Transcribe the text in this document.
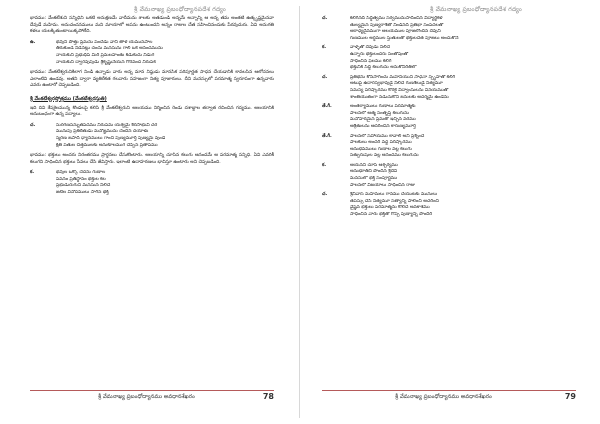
శ్రీ వేమనాఖ్య ప్రబంధోద్యానపదేశ గద్యం

భావము: వేంకటేశుని సన్నిధిని ఒకటి అనుక్షణమే వాదీమను శాలకు అతడుండి అన్నమే అన్నాన్ని ఆ అన్న తమ అంతటి ఉత్కృష్టమైనవా దేవుడే మహిమ. అనుచందనములు మని మాయాలో అపను ఉంటుందని అన్నం రాజుల చేత సహించినందుకు పేరవుదురు. ఏవి అనుగతి కళలు యలక్కితుంటాయిక్కపోలేది.

ఉ.	భవుని పొత్తు ప్రేమను పంచెడు వాని తాళ యమునపాల
తీరుకుండ నిడెనట్లు చందు మనసును గాలి ఒకే ఆనందమును
నాయకుని ప్రభుధిపి మీరి ప్రమలహంతు కీడుకుదు నిడుగ
నాయకుని ద్వారవుపుడు శ్రీకృష్ణునేయన గొరవంద నిరుపక

భావము: వేంకటేశ్వరునికిలాగ నిండి ఉన్నాడు వారు అన్న మాన నిష్ఠుడు మానసిక పరిపూర్ణత సాధన చేయడానికి కావలసిన ఆలోచనలు ఎలాంటివి ఉండవు. అతని ద్వారా వ్యతిరేకత గలవారు సహజంగా నిత్య పూజారులు. దీని మనస్సులో పరమాత్మ స్వరూపంగా ఉన్నవారు ఎవరు ఉంటారో చెప్పబడింది.

శ్రీ వేంకటేశ్వరస్తోత్రము (వేంకటేశ్వరస్తుతి)

ఇది దివి శేషశైలమున్న కొండలపై కలిసి శ్రీ వేంకటేశ్వరుని ఆలయము నిర్మించిన రెండు దశాబ్దాల తర్వాత రచించిన గద్యము. ఆలయానికి అనుబంధంగా ఉన్న పద్యాలు.

చ.	సురగణసన్నుతపదము నిరుపమ యశ్వమై శిరసాభువి చర
మునుపు ప్రకటితుడు మనోజ్ఞమును చెందిన దయాళు
స్మరణ జపాది ధ్యానములు గాంచి పుణ్యమూర్తి పుణ్యమై వుండె
క్షితి పతుల చిత్తములకు అనుకూలముగ చెప్పిన ప్రతాపము

భావము: భక్తులు అందరు నిరంతరము ప్రార్థనలు చేసుకొంటారు. ఆలయాన్ని చూసిన కలుగు ఆనందమే ఆ పరమాత్మ సన్నిధి. ఏవి ఎవరికీ కలుగని సాధించిన భక్తులు సేవలు చేసి జీవిస్తారు. ఇలాంటి ఉదాహరణలు భావిస్తూ ఉంటారు అని చెప్పబడింది.

క.	భవుల ఒక్కో చేదను గుణాల
పవనం ప్రతిస్థానం భక్తుల కల
ప్రభుడురుగుని మనసున నిలిచే
జటిల వినోదములు సాగిన భక్తి
శ్రీ వేమనాఖ్య ప్రబంధోద్యానము అవధానశేఖరం	78
శ్రీ వేమనాఖ్య ప్రబంధోద్యానపదేశ గద్యం
చ.	కలిగినది సిద్ధిత్వము సర్వమునుసాదించిన విద్యార్థికళ
తుల్యమైన పుణ్యరాశితో నిండినది ప్రతిభా సంపదలతో
ఆరాధ్యదైవముగా ఆలయముల పూజలొందిన దేవుని
గుణముల అర్ధముల స్తుతులతో భక్తులచేత పూజలు అందుకొనె
క.	వాళ్ళతో దేవుడు నిలిచె
ఉన్నారు భక్తులందరు సంతోషంతో
సాధించిన ఫలము కలిగే
భక్తునికి సిద్ధి కలుగును అనుకోనిరీతిలో
చ.	ప్రతిభను కొనసాగించు మహనీయుని సాధనా స్పృహతో కలిగి
అటుపై ఉదారస్వభావుడై నిలిచె గుణశీలుడై నిత్యమూ
సమస్య పరిష్కారము కొరకై విద్వాంసులను వినయముతో
శాంతియుతంగా నడుచుకొని జనులకు ఆదర్శమై ఉండెను
తే.గీ.	అంతర్యాములు గుణాలు పరమాత్మకు
పాలనలో ఆత్మ సంతృప్తి కలుగును
మనోహరమైన ప్రేమతో ఇచ్చిన వరము
ఆశ్రితులను ఆదరించిన కారుణ్యమూర్తి
తే.గీ.	పాలనలో సహాయము కావాలి అని ప్రశ్నించే
పాలకులు అందరి వద్ద పరిష్కారము
అనుభవములు గుణాల వల్ల కలుగు
సత్పురుషుల వల్ల ఆనందము కలుగును
క.	ఆయనని చూసి ఆశ్చర్యము
అనుభూతిని పొందిన శ్రీదేవి
మనసులో భక్తి సంపూర్ణము
పాలనలో విజయాలు సాధించిన రాజు
చ.	శ్రీనివాస మహిమలు గానము చేయుటకు మునులు
తపస్సు చేసి నిత్యమూ సత్యాన్ని పాలించి ఆచరించి
వైష్ణవ భక్తులు పరమాత్మను కొలిచే అవకాశము
సాధించిన వారు భక్తితో గొప్ప పుణ్యాన్ని పొందిరి
శ్రీ వేమనాఖ్య ప్రబంధోద్యానము అవధానశేఖరం	79
